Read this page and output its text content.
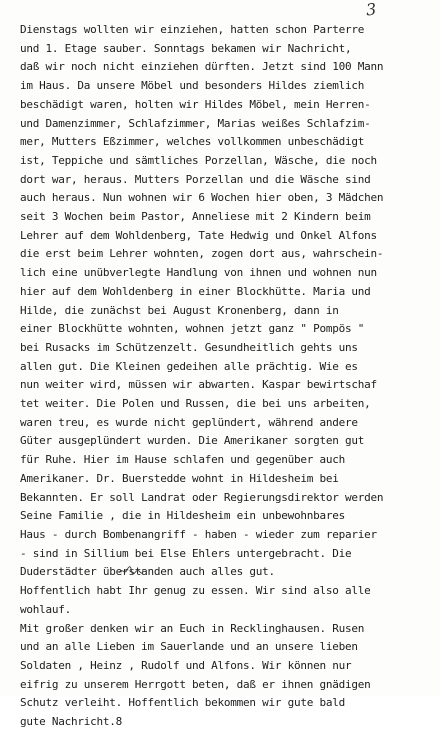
3
Dienstags wollten wir einziehen, hatten schon Parterre
und 1. Etage sauber. Sonntags bekamen wir Nachricht,
daß wir noch nicht einziehen dürften. Jetzt sind 100 Mann
im Haus. Da unsere Möbel und besonders Hildes ziemlich
beschädigt waren, holten wir Hildes Möbel, mein Herren-
und Damenzimmer, Schlafzimmer, Marias weißes Schlafzim-
mer, Mutters Eßzimmer, welches vollkommen unbeschädigt
ist, Teppiche und sämtliches Porzellan, Wäsche, die noch
dort war, heraus. Mutters Porzellan und die Wäsche sind
auch heraus. Nun wohnen wir 6 Wochen hier oben, 3 Mädchen
seit 3 Wochen beim Pastor, Anneliese mit 2 Kindern beim
Lehrer auf dem Wohldenberg, Tate Hedwig und Onkel Alfons
die erst beim Lehrer wohnten, zogen dort aus, wahrschein-
lich eine unübverlegte Handlung von ihnen und wohnen nun
hier auf dem Wohldenberg in einer Blockhütte. Maria und
Hilde, die zunächst bei August Kronenberg, dann in
einer Blockhütte wohnten, wohnen jetzt ganz " Pompös "
bei Rusacks im Schützenzelt. Gesundheitlich gehts uns
allen gut. Die Kleinen gedeihen alle prächtig. Wie es
nun weiter wird, müssen wir abwarten. Kaspar bewirtschaf
tet weiter. Die Polen und Russen, die bei uns arbeiten,
waren treu, es wurde nicht geplündert, während andere
Güter ausgeplündert wurden. Die Amerikaner sorgten gut
für Ruhe. Hier im Hause schlafen und gegenüber auch
Amerikaner. Dr. Buerstedde wohnt in Hildesheim bei
Bekannten. Er soll Landrat oder Regierungsdirektor werden
Seine Familie , die in Hildesheim ein unbewohnbares
Haus - durch Bombenangriff - haben - wieder zum reparier
- sind in Sillium bei Else Ehlers untergebracht. Die
Duderstädter überstanden auch alles gut.
Hoffentlich habt Ihr genug zu essen. Wir sind also alle
wohlauf.
Mit großer denken wir an Euch in Recklinghausen. Rusen
und an alle Lieben im Sauerlande und an unsere lieben
Soldaten , Heinz , Rudolf und Alfons. Wir können nur
eifrig zu unserem Herrgott beten, daß er ihnen gnädigen
Schutz verleiht. Hoffentlich bekommen wir gute bald
gute Nachricht.8
